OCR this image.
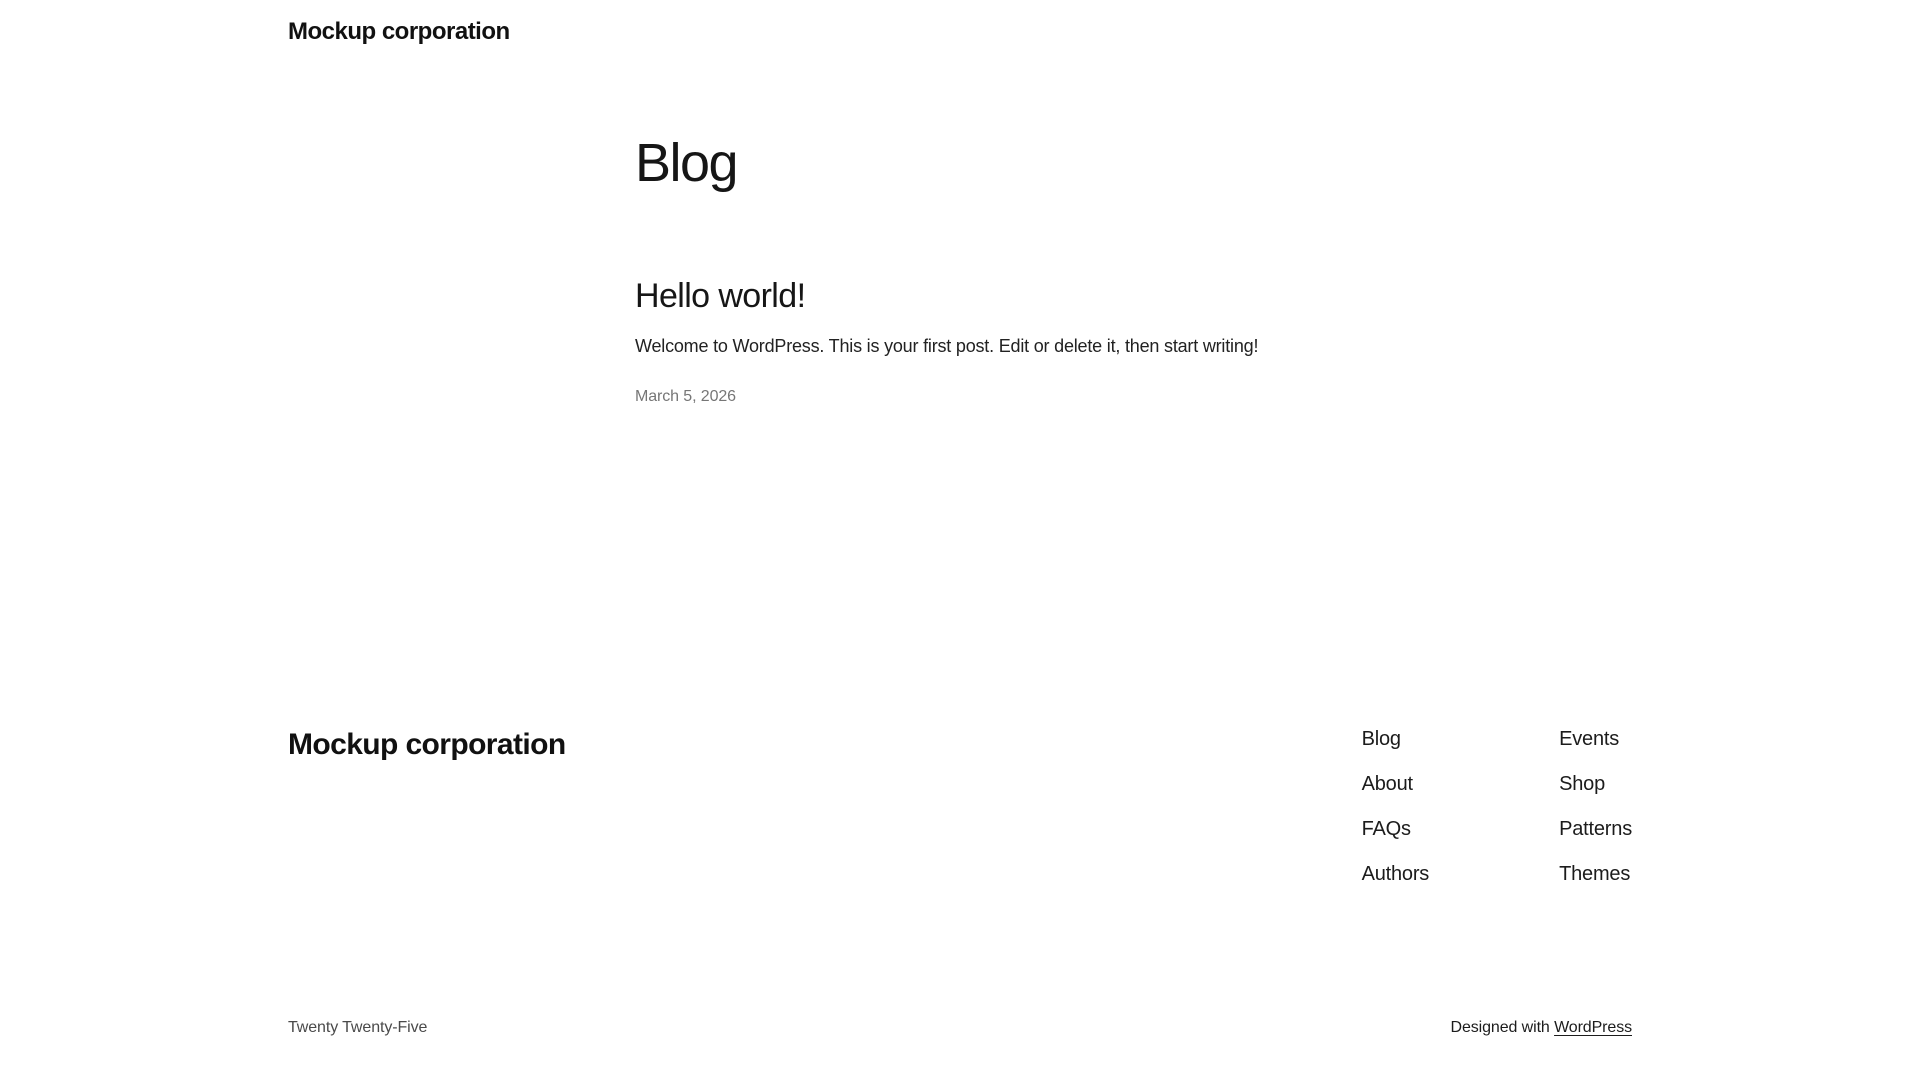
Mockup corporation
Blog
Hello world!

Welcome to WordPress. This is your first post. Edit or delete it, then start writing!

March 5, 2026
Mockup corporation	Blog
About
FAQs
Authors
Events
Shop
Patterns
Themes
Twenty Twenty-Five	Designed with WordPress
